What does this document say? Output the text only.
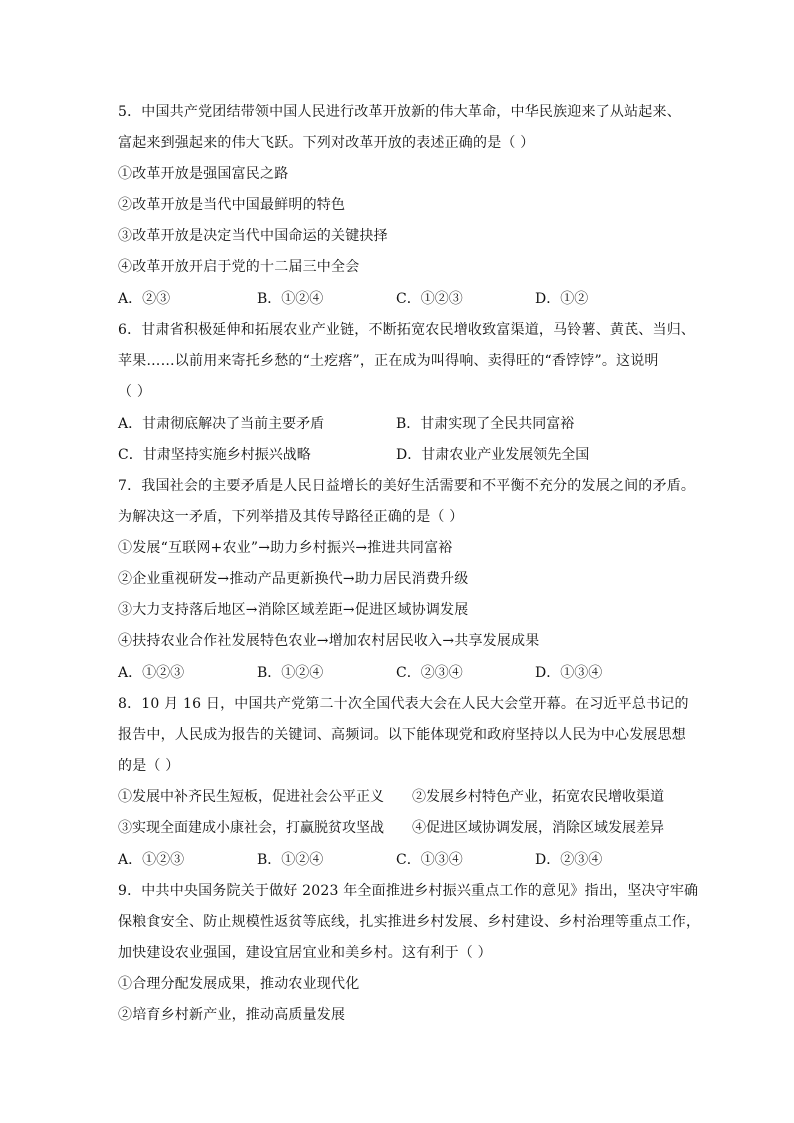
5．中国共产党团结带领中国人民进行改革开放新的伟大革命，中华民族迎来了从站起来、
富起来到强起来的伟大飞跃。下列对改革开放的表述正确的是（ ）
①改革开放是强国富民之路
②改革开放是当代中国最鲜明的特色
③改革开放是决定当代中国命运的关键抉择
④改革开放开启于党的十二届三中全会
A．②③	B．①②④	C．①②③	D．①②
6．甘肃省积极延伸和拓展农业产业链，不断拓宽农民增收致富渠道，马铃薯、黄芪、当归、
苹果……以前用来寄托乡愁的“土疙瘩”，正在成为叫得响、卖得旺的“香饽饽”。这说明
（ ）
A．甘肃彻底解决了当前主要矛盾	B．甘肃实现了全民共同富裕
C．甘肃坚持实施乡村振兴战略	D．甘肃农业产业发展领先全国
7．我国社会的主要矛盾是人民日益增长的美好生活需要和不平衡不充分的发展之间的矛盾。
为解决这一矛盾，下列举措及其传导路径正确的是（ ）
①发展“互联网+农业”→助力乡村振兴→推进共同富裕
②企业重视研发→推动产品更新换代→助力居民消费升级
③大力支持落后地区→消除区域差距→促进区域协调发展
④扶持农业合作社发展特色农业→增加农村居民收入→共享发展成果
A．①②③	B．①②④	C．②③④	D．①③④
8．10 月 16 日，中国共产党第二十次全国代表大会在人民大会堂开幕。在习近平总书记的
报告中，人民成为报告的关键词、高频词。以下能体现党和政府坚持以人民为中心发展思想
的是（ ）
①发展中补齐民生短板，促进社会公平正义 ②发展乡村特色产业，拓宽农民增收渠道
③实现全面建成小康社会，打赢脱贫攻坚战 ④促进区域协调发展，消除区域发展差异
A．①②③	B．①②④	C．①③④	D．②③④
9．中共中央国务院关于做好 2023 年全面推进乡村振兴重点工作的意见》指出，坚决守牢确
保粮食安全、防止规模性返贫等底线，扎实推进乡村发展、乡村建设、乡村治理等重点工作，
加快建设农业强国，建设宜居宜业和美乡村。这有利于（ ）
①合理分配发展成果，推动农业现代化
②培育乡村新产业，推动高质量发展
